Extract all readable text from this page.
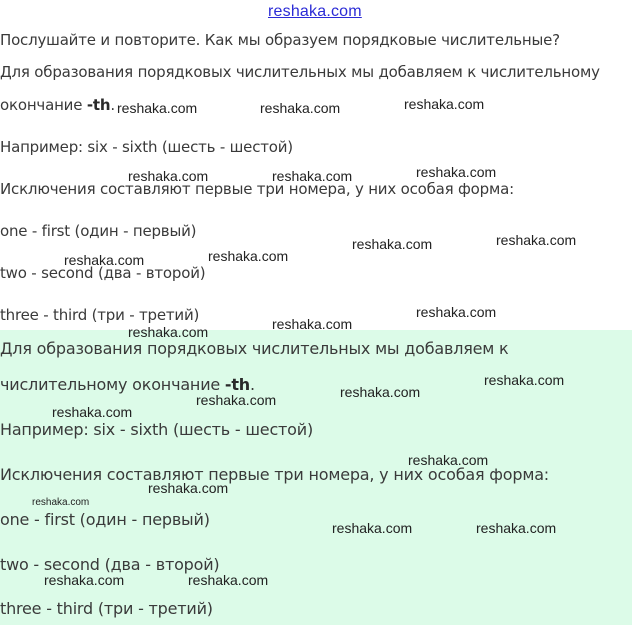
reshaka.com
Послушайте и повторите. Как мы образуем порядковые числительные?
Для образования порядковых числительных мы добавляем к числительному
окончание -th.
Например: six - sixth (шесть - шестой)
Исключения составляют первые три номера, у них особая форма:
one - first (один - первый)
two - second (два - второй)
three - third (три - третий)
Для образования порядковых числительных мы добавляем к
числительному окончание -th.
Например: six - sixth (шесть - шестой)
Исключения составляют первые три номера, у них особая форма:
one - first (один - первый)
two - second (два - второй)
three - third (три - третий)
reshaka.com	reshaka.com	reshaka.com
reshaka.com	reshaka.com	reshaka.com
reshaka.com	reshaka.com
reshaka.com	reshaka.com
reshaka.com	reshaka.com
reshaka.com
reshaka.com
reshaka.com
reshaka.com
reshaka.com
reshaka.com
reshaka.com
reshaka.com
reshaka.com	reshaka.com
reshaka.com	reshaka.com
